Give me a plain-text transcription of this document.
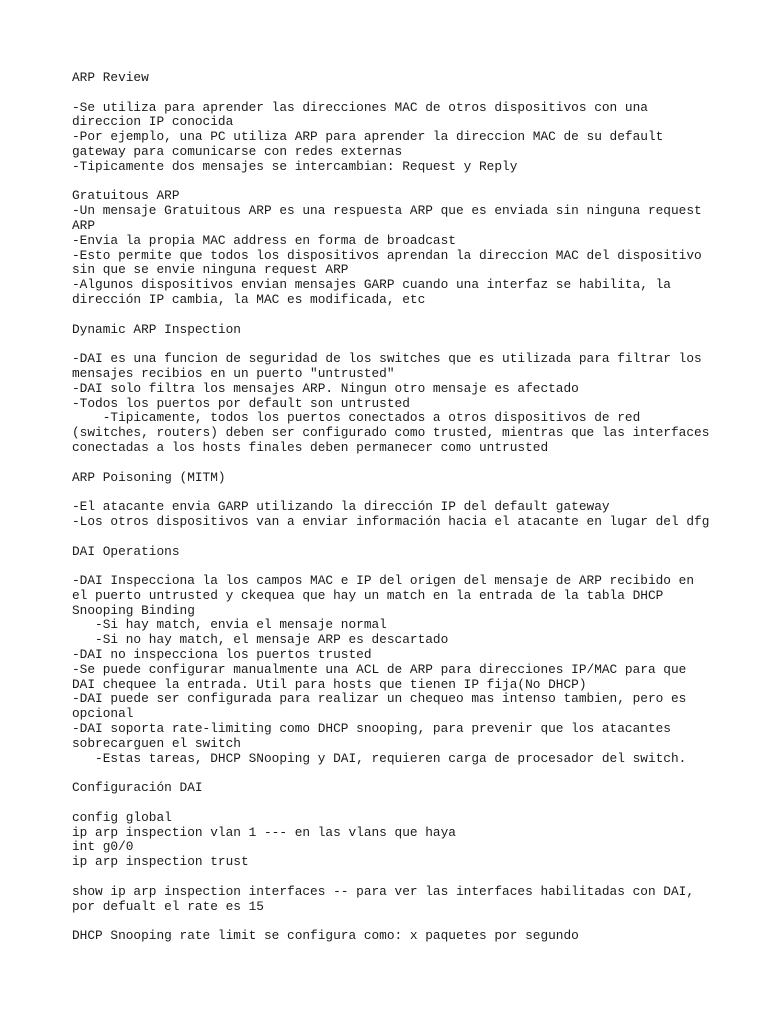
ARP Review
-Se utiliza para aprender las direcciones MAC de otros dispositivos con una
direccion IP conocida
-Por ejemplo, una PC utiliza ARP para aprender la direccion MAC de su default
gateway para comunicarse con redes externas
-Tipicamente dos mensajes se intercambian: Request y Reply
Gratuitous ARP
-Un mensaje Gratuitous ARP es una respuesta ARP que es enviada sin ninguna request
ARP
-Envia la propia MAC address en forma de broadcast
-Esto permite que todos los dispositivos aprendan la direccion MAC del dispositivo
sin que se envie ninguna request ARP
-Algunos dispositivos envian mensajes GARP cuando una interfaz se habilita, la
dirección IP cambia, la MAC es modificada, etc
Dynamic ARP Inspection
-DAI es una funcion de seguridad de los switches que es utilizada para filtrar los
mensajes recibios en un puerto "untrusted"
-DAI solo filtra los mensajes ARP. Ningun otro mensaje es afectado
-Todos los puertos por default son untrusted
-Tipicamente, todos los puertos conectados a otros dispositivos de red
(switches, routers) deben ser configurado como trusted, mientras que las interfaces
conectadas a los hosts finales deben permanecer como untrusted
ARP Poisoning (MITM)
-El atacante envia GARP utilizando la dirección IP del default gateway
-Los otros dispositivos van a enviar información hacia el atacante en lugar del dfg
DAI Operations
-DAI Inspecciona la los campos MAC e IP del origen del mensaje de ARP recibido en
el puerto untrusted y ckequea que hay un match en la entrada de la tabla DHCP
Snooping Binding
-Si hay match, envia el mensaje normal
-Si no hay match, el mensaje ARP es descartado
-DAI no inspecciona los puertos trusted
-Se puede configurar manualmente una ACL de ARP para direcciones IP/MAC para que
DAI chequee la entrada. Util para hosts que tienen IP fija(No DHCP)
-DAI puede ser configurada para realizar un chequeo mas intenso tambien, pero es
opcional
-DAI soporta rate-limiting como DHCP snooping, para prevenir que los atacantes
sobrecarguen el switch
-Estas tareas, DHCP SNooping y DAI, requieren carga de procesador del switch.
Configuración DAI
config global
ip arp inspection vlan 1 --- en las vlans que haya
int g0/0
ip arp inspection trust
show ip arp inspection interfaces -- para ver las interfaces habilitadas con DAI,
por defualt el rate es 15
DHCP Snooping rate limit se configura como: x paquetes por segundo
